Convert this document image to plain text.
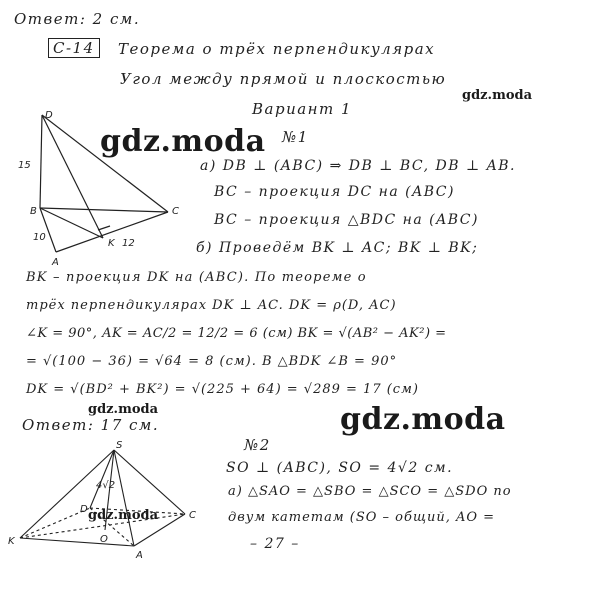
D
15
B	C
10
A
K 12
S
4√2
D
O
K
C
A
Ответ: 2 см.
С-14	Теорема о трёх перпендикулярах
Угол между прямой и плоскостью
Вариант 1
gdz.moda
gdz.moda
gdz.moda	gdz.moda
gdz.moda
№1
а) DB ⊥ (ABC) ⇒ DB ⊥ BC, DB ⊥ AB.
BC – проекция DC на (ABC)
BC – проекция △BDC на (ABC)
б) Проведём BK ⊥ AC; BK ⊥ BK;
BK – проекция DK на (ABC). По теореме о
трёх перпендикулярах DK ⊥ AC. DK = ρ(D, AC)
∠K = 90°, AK = AC/2 = 12/2 = 6 (см) BK = √(AB² − AK²) =
= √(100 − 36) = √64 = 8 (см). В △BDK ∠B = 90°
DK = √(BD² + BK²) = √(225 + 64) = √289 = 17 (см)
Ответ: 17 см.
№2
SO ⊥ (ABC), SO = 4√2 см.
а) △SAO = △SBO = △SCO = △SDO по
двум катетам (SO – общий, AO =
– 27 –
